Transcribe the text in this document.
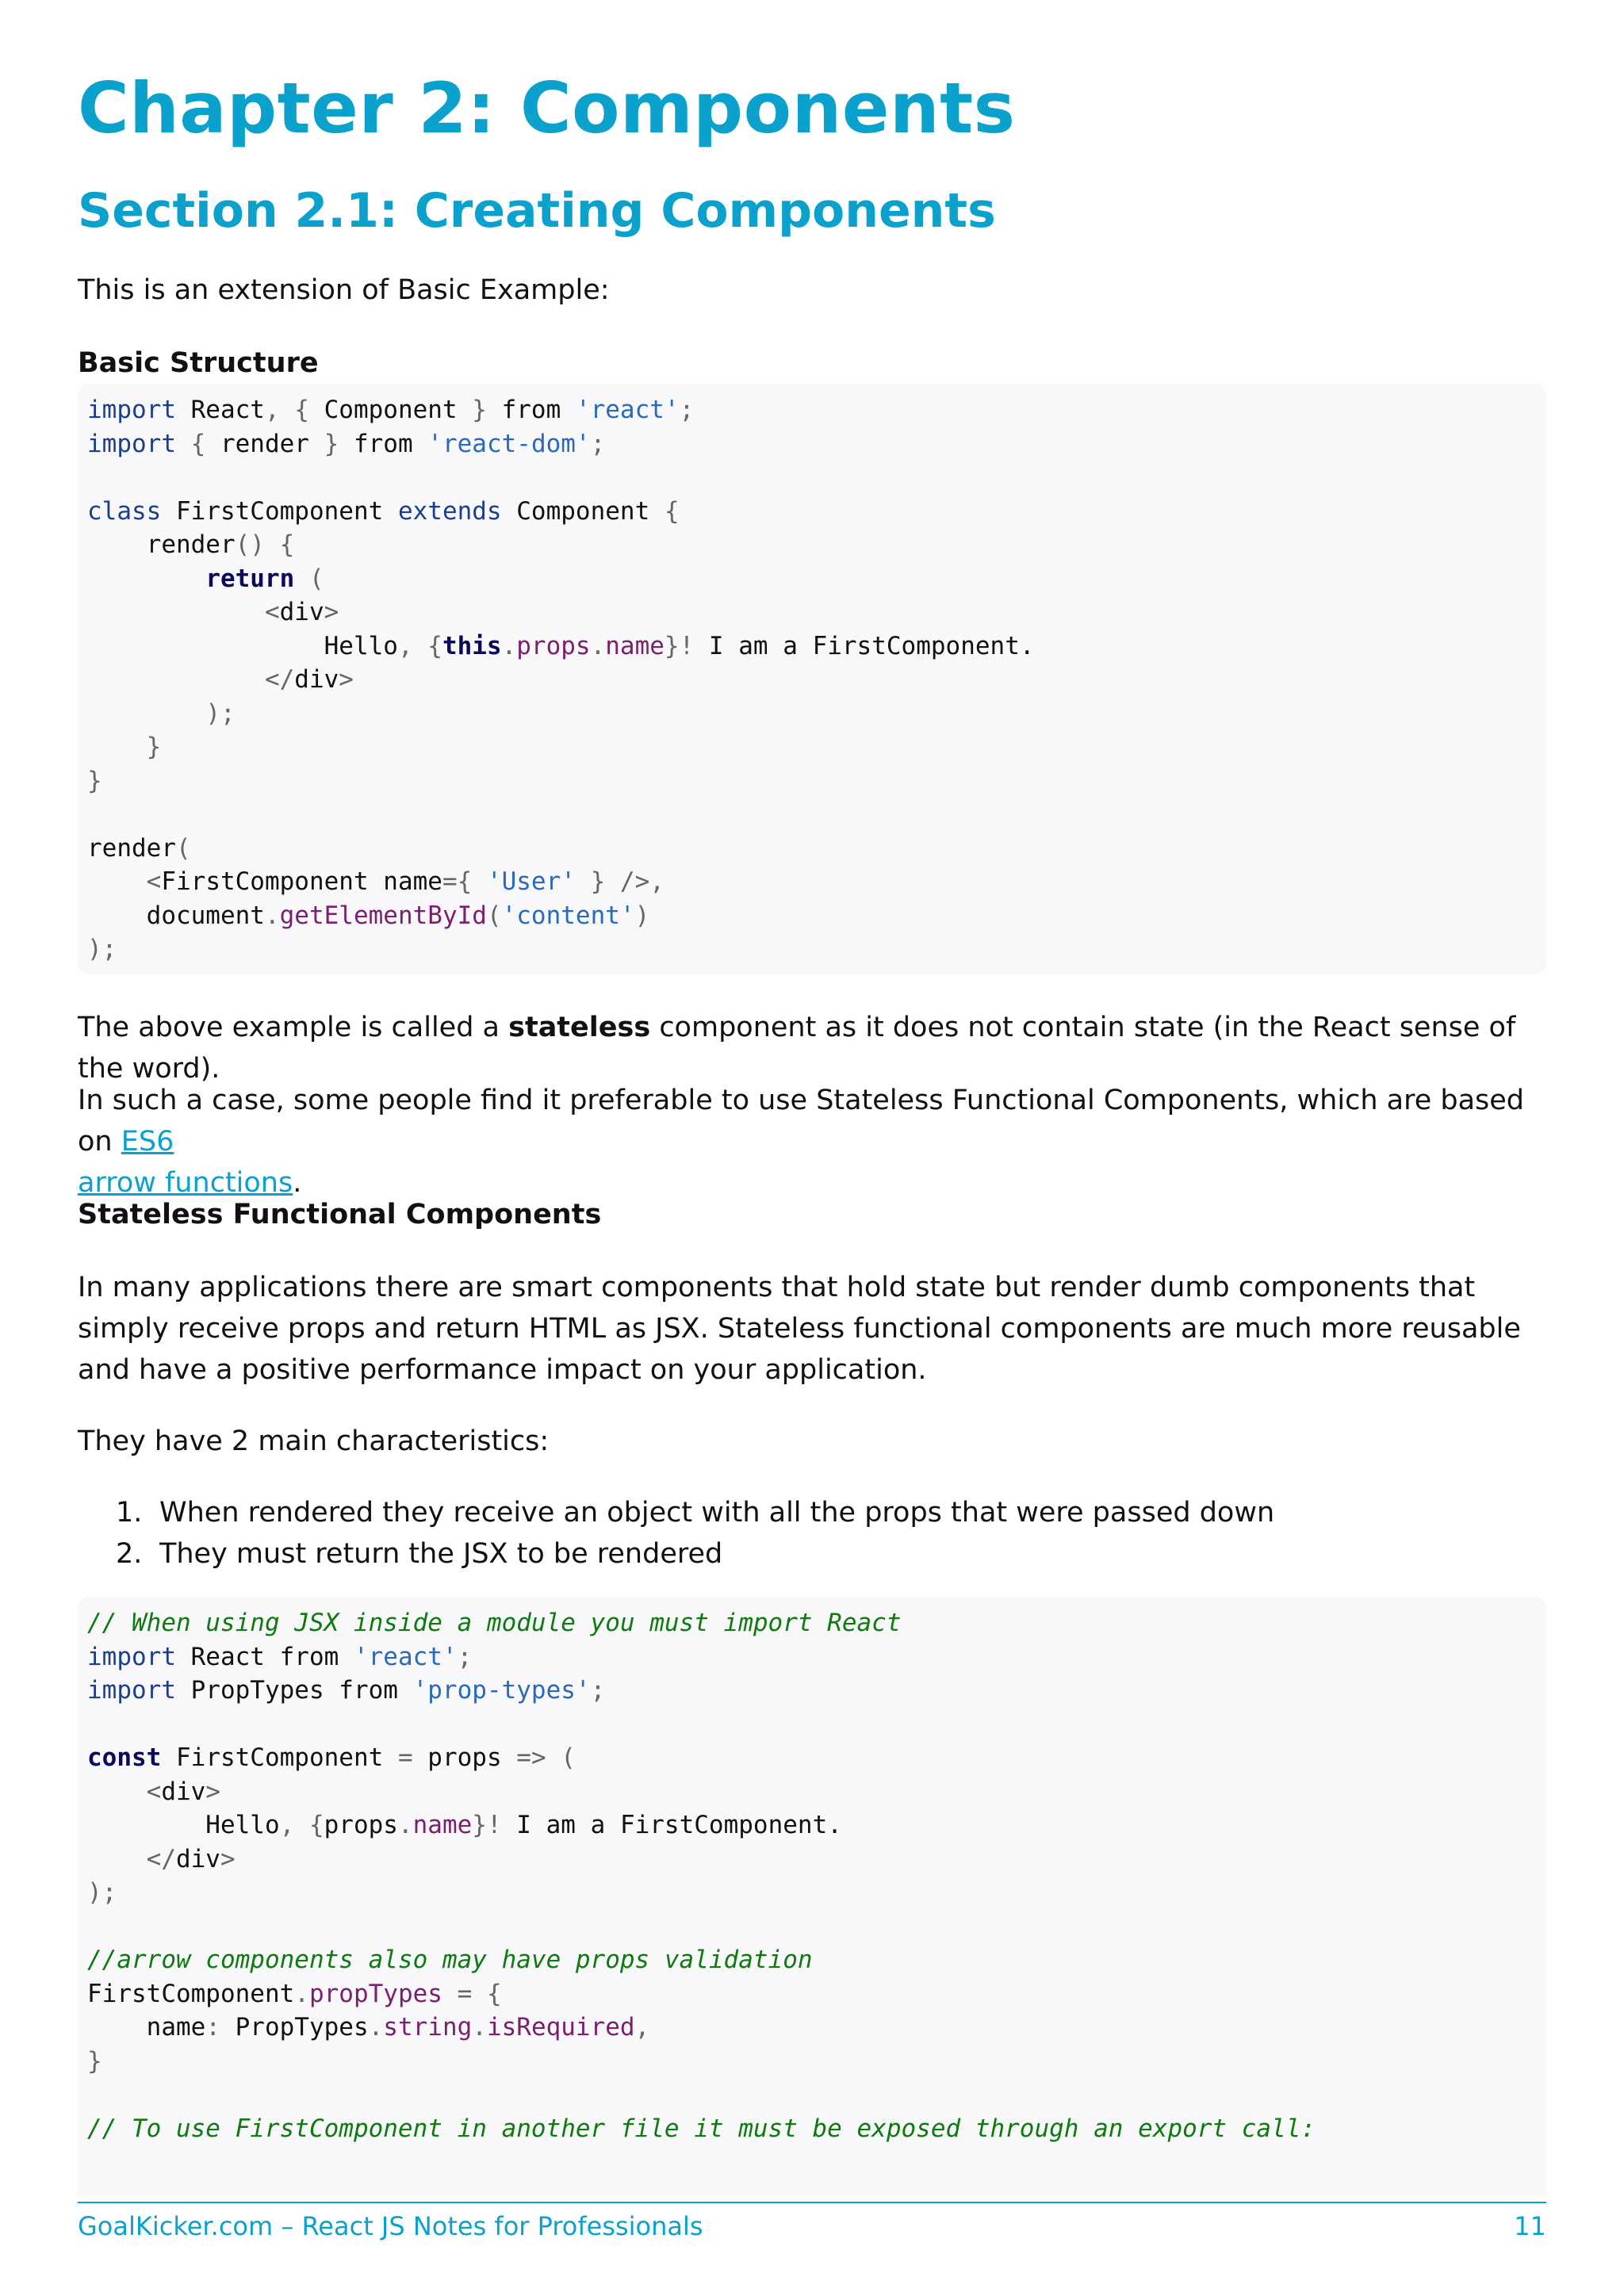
Chapter 2: Components
Section 2.1: Creating Components

This is an extension of Basic Example:

Basic Structure

import React, { Component } from 'react';
import { render } from 'react-dom';
class FirstComponent extends Component {
render() {
return (
<div>
Hello, {this.props.name}! I am a FirstComponent.
</div>
);
}
}
render(
<FirstComponent name={ 'User' } />,
document.getElementById('content')
);

The above example is called a stateless component as it does not contain state (in the React sense of the word).

In such a case, some people find it preferable to use Stateless Functional Components, which are based on ES6
arrow functions.

Stateless Functional Components

In many applications there are smart components that hold state but render dumb components that simply receive props and return HTML as JSX. Stateless functional components are much more reusable and have a positive performance impact on your application.

They have 2 main characteristics:

1. When rendered they receive an object with all the props that were passed down
2. They must return the JSX to be rendered
// When using JSX inside a module you must import React
import React from 'react';
import PropTypes from 'prop-types';
const FirstComponent = props => (
<div>
Hello, {props.name}! I am a FirstComponent.
</div>
);
//arrow components also may have props validation
FirstComponent.propTypes = {
name: PropTypes.string.isRequired,
}
// To use FirstComponent in another file it must be exposed through an export call:
GoalKicker.com – React JS Notes for Professionals	11
